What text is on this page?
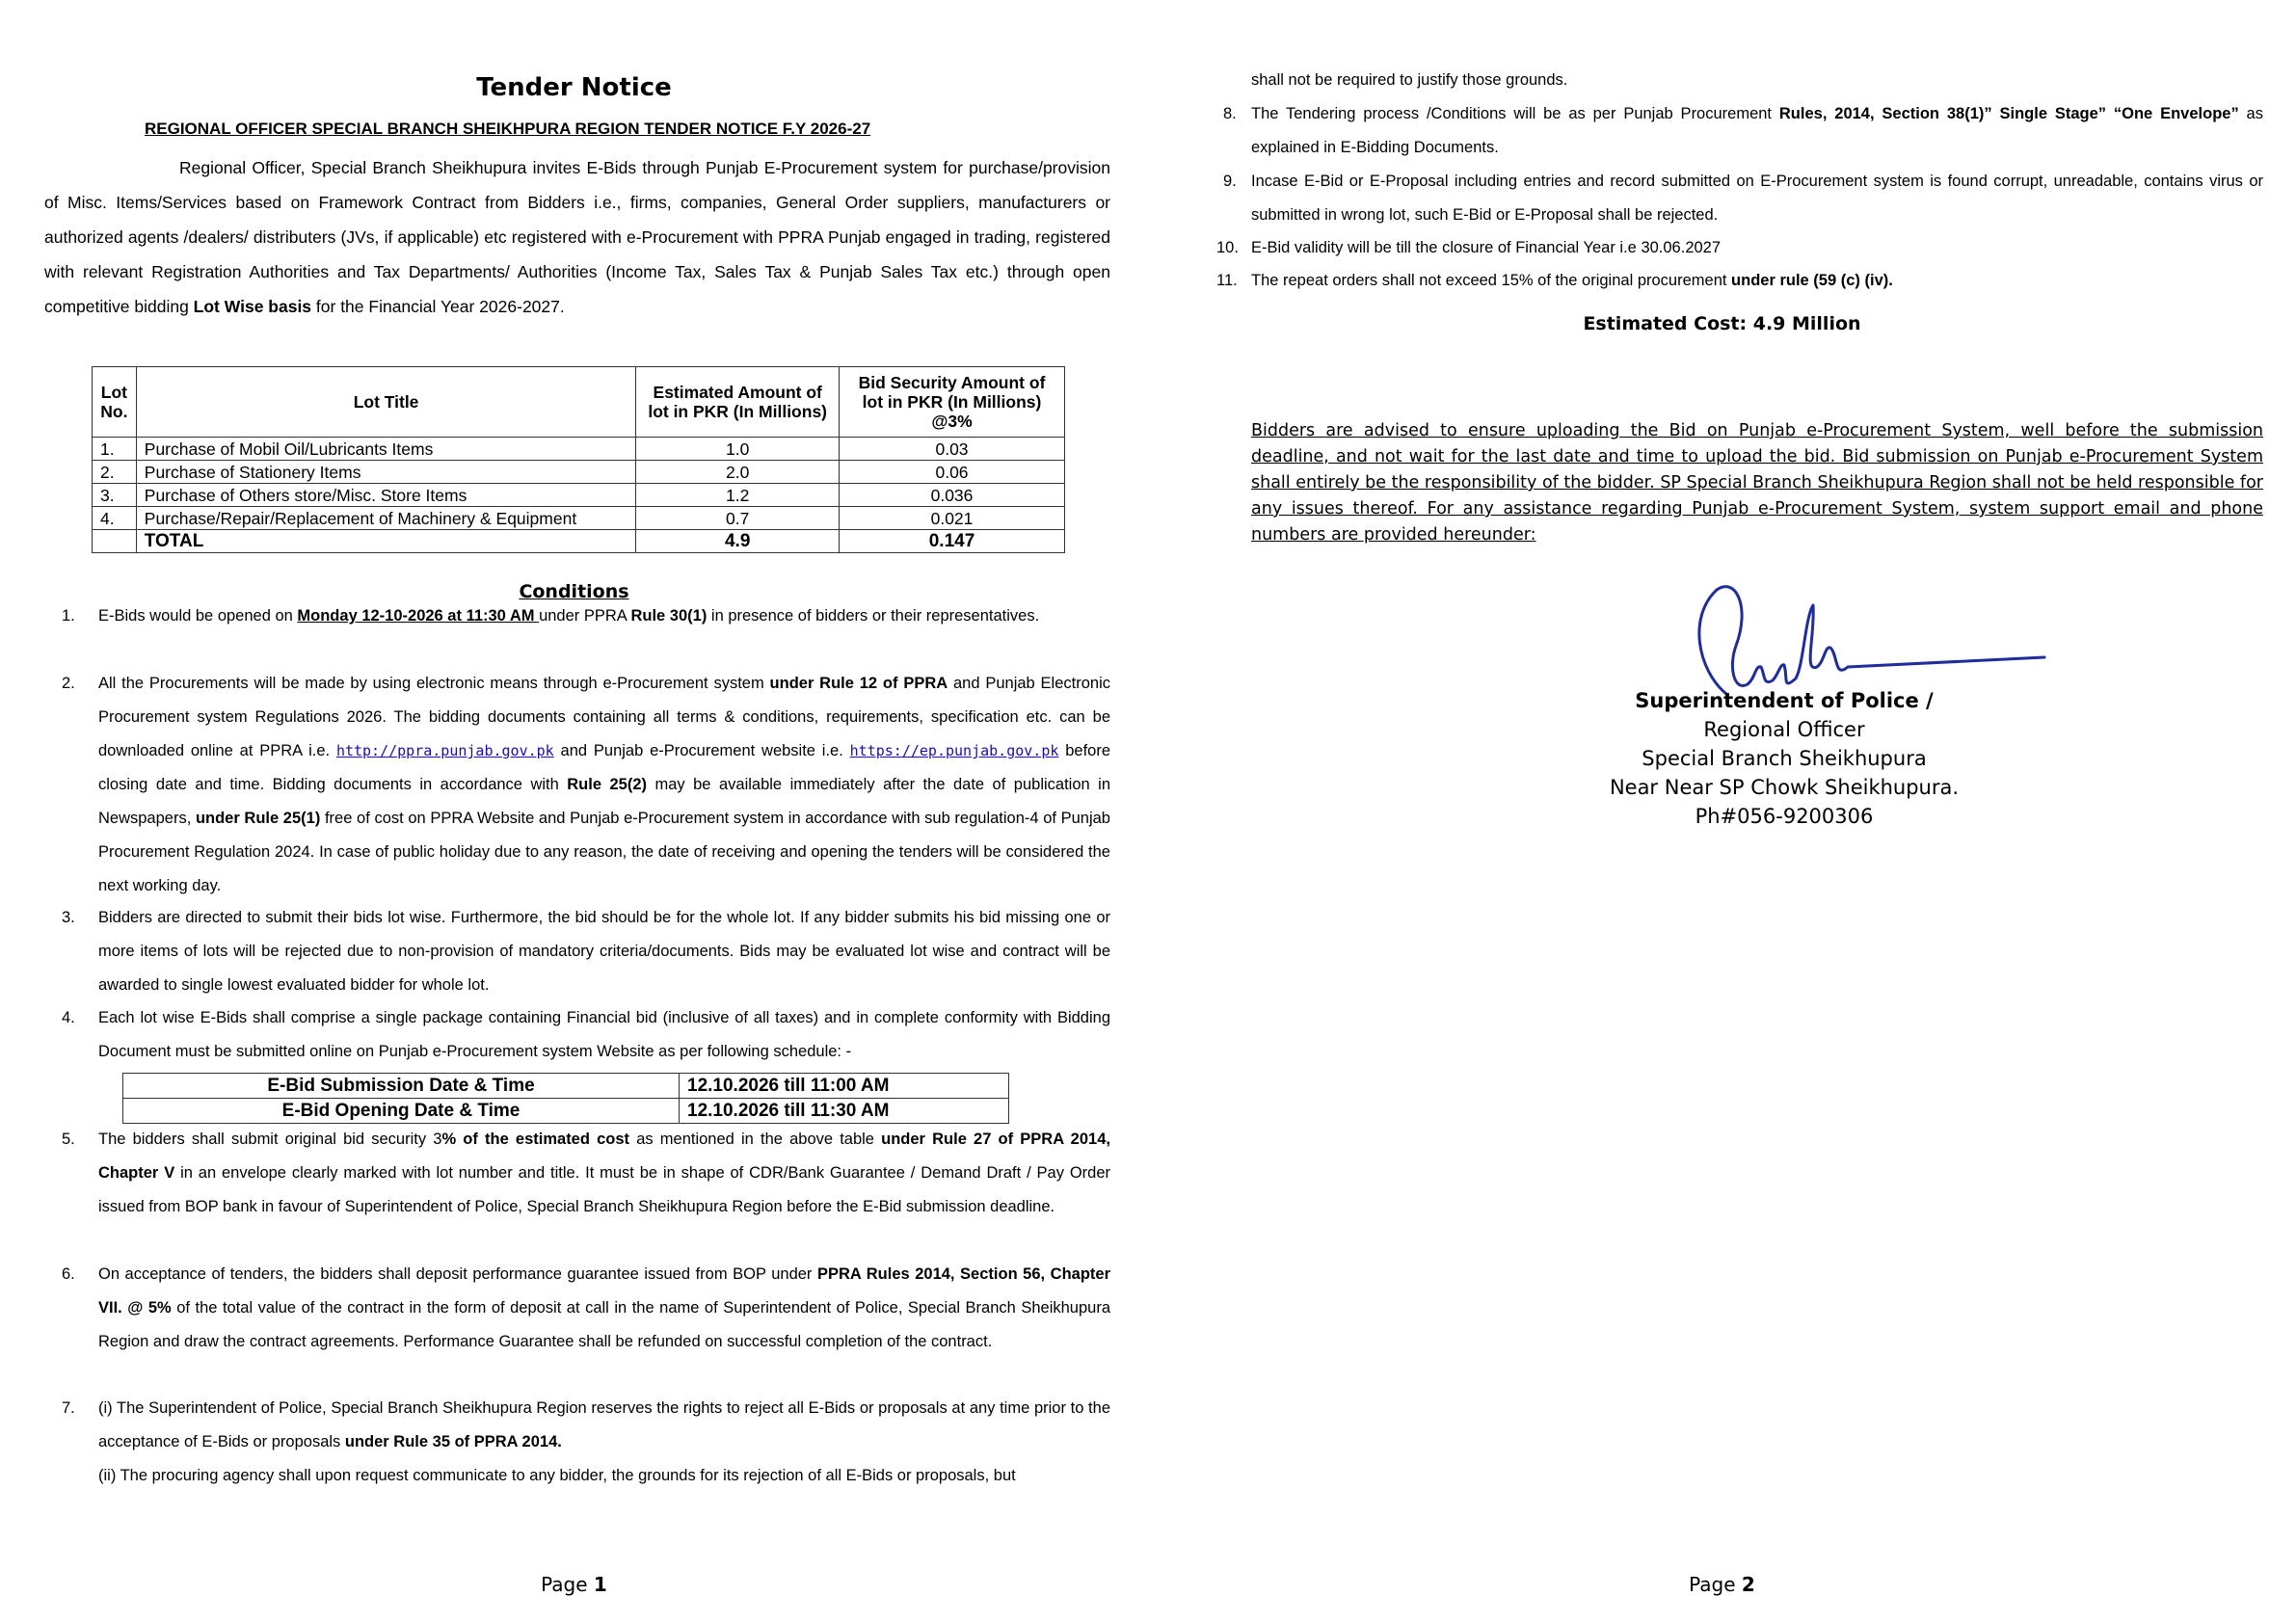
Tender Notice
REGIONAL OFFICER SPECIAL BRANCH SHEIKHPURA REGION TENDER NOTICE F.Y 2026-27
Regional Officer, Special Branch Sheikhupura invites E-Bids through Punjab E-Procurement system for purchase/provision of Misc. Items/Services based on Framework Contract from Bidders i.e., firms, companies, General Order suppliers, manufacturers or authorized agents /dealers/ distributers (JVs, if applicable) etc registered with e-Procurement with PPRA Punjab engaged in trading, registered with relevant Registration Authorities and Tax Departments/ Authorities (Income Tax, Sales Tax & Punjab Sales Tax etc.) through open competitive bidding Lot Wise basis for the Financial Year 2026-2027.
Lot No.	Lot Title	Estimated Amount of lot in PKR (In Millions)	Bid Security Amount of lot in PKR (In Millions) @3%
1.	Purchase of Mobil Oil/Lubricants Items	1.0	0.03
2.	Purchase of Stationery Items	2.0	0.06
3.	Purchase of Others store/Misc. Store Items	1.2	0.036
4.	Purchase/Repair/Replacement of Machinery & Equipment	0.7	0.021
	TOTAL	4.9	0.147
Conditions
1. E-Bids would be opened on Monday 12-10-2026 at 11:30 AM under PPRA Rule 30(1) in presence of bidders or their representatives.
2. All the Procurements will be made by using electronic means through e-Procurement system under Rule 12 of PPRA and Punjab Electronic Procurement system Regulations 2026. The bidding documents containing all terms & conditions, requirements, specification etc. can be downloaded online at PPRA i.e. http://ppra.punjab.gov.pk and Punjab e-Procurement website i.e. https://ep.punjab.gov.pk before closing date and time. Bidding documents in accordance with Rule 25(2) may be available immediately after the date of publication in Newspapers, under Rule 25(1) free of cost on PPRA Website and Punjab e-Procurement system in accordance with sub regulation-4 of Punjab Procurement Regulation 2024. In case of public holiday due to any reason, the date of receiving and opening the tenders will be considered the next working day.
3. Bidders are directed to submit their bids lot wise. Furthermore, the bid should be for the whole lot. If any bidder submits his bid missing one or more items of lots will be rejected due to non-provision of mandatory criteria/documents. Bids may be evaluated lot wise and contract will be awarded to single lowest evaluated bidder for whole lot.
4. Each lot wise E-Bids shall comprise a single package containing Financial bid (inclusive of all taxes) and in complete conformity with Bidding Document must be submitted online on Punjab e-Procurement system Website as per following schedule: -
E-Bid Submission Date & Time	12.10.2026 till 11:00 AM
E-Bid Opening Date & Time	12.10.2026 till 11:30 AM
5. The bidders shall submit original bid security 3% of the estimated cost as mentioned in the above table under Rule 27 of PPRA 2014, Chapter V in an envelope clearly marked with lot number and title. It must be in shape of CDR/Bank Guarantee / Demand Draft / Pay Order issued from BOP bank in favour of Superintendent of Police, Special Branch Sheikhupura Region before the E-Bid submission deadline.
6. On acceptance of tenders, the bidders shall deposit performance guarantee issued from BOP under PPRA Rules 2014, Section 56, Chapter VII. @ 5% of the total value of the contract in the form of deposit at call in the name of Superintendent of Police, Special Branch Sheikhupura Region and draw the contract agreements. Performance Guarantee shall be refunded on successful completion of the contract.
7. (i) The Superintendent of Police, Special Branch Sheikhupura Region reserves the rights to reject all E-Bids or proposals at any time prior to the acceptance of E-Bids or proposals under Rule 35 of PPRA 2014.
(ii) The procuring agency shall upon request communicate to any bidder, the grounds for its rejection of all E-Bids or proposals, but
Page 1
shall not be required to justify those grounds.
8. The Tendering process /Conditions will be as per Punjab Procurement Rules, 2014, Section 38(1)” Single Stage” “One Envelope” as explained in E-Bidding Documents.
9. Incase E-Bid or E-Proposal including entries and record submitted on E-Procurement system is found corrupt, unreadable, contains virus or submitted in wrong lot, such E-Bid or E-Proposal shall be rejected.
10. E-Bid validity will be till the closure of Financial Year i.e 30.06.2027
11. The repeat orders shall not exceed 15% of the original procurement under rule (59 (c) (iv).
Estimated Cost: 4.9 Million
Bidders are advised to ensure uploading the Bid on Punjab e-Procurement System, well before the submission deadline, and not wait for the last date and time to upload the bid. Bid submission on Punjab e-Procurement System shall entirely be the responsibility of the bidder. SP Special Branch Sheikhupura Region shall not be held responsible for any issues thereof. For any assistance regarding Punjab e-Procurement System, system support email and phone numbers are provided hereunder:
Superintendent of Police /
Regional Officer
Special Branch Sheikhupura
Near Near SP Chowk Sheikhupura.
Ph#056-9200306
Page 2
